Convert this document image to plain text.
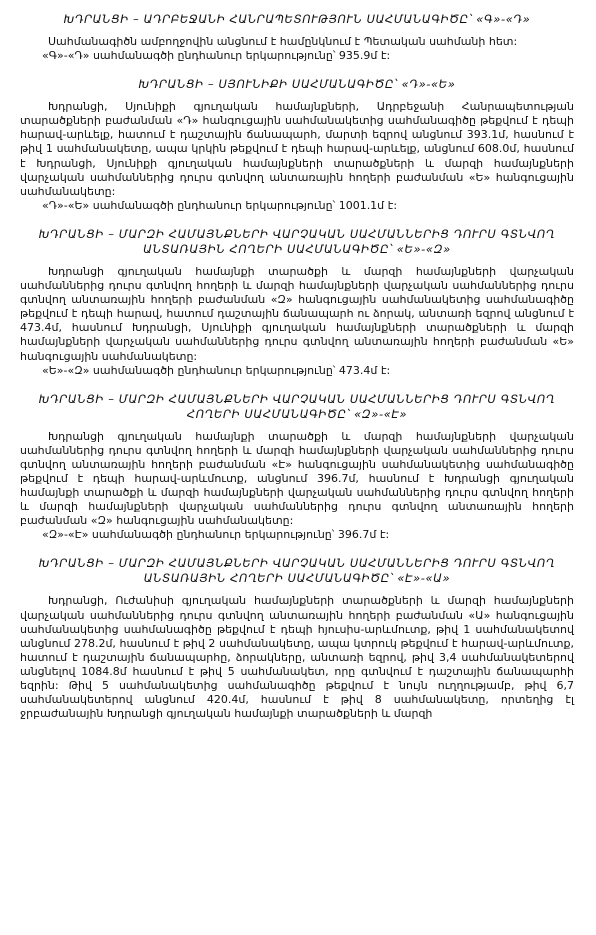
ԽԴՐԱՆՑԻ – ԱԴՐԲԵՋԱՆԻ ՀԱՆՐԱՊԵՏՈՒԹՅՈՒՆ ՍԱՀՄԱՆԱԳԻԾԸ՝ «Գ»-«Դ»

Սահմանագիծն ամբողջովին անցնում է համընկնում է Պետական սահմանի հետ:

«Գ»-«Դ» սահմանագծի ընդհանուր երկարությունը՝ 935.9մ է:

ԽԴՐԱՆՑԻ – ՍՅՈՒՆԻՔԻ ՍԱՀՄԱՆԱԳԻԾԸ՝ «Դ»-«Ե»

Խդրանցի, Սյունիքի գյուղական համայնքների, Ադրբեջանի Հանրապետության տարածքների բաժանման «Դ» հանգուցային սահմանակետից սահմանագիծը թեքվում է դեպի հարավ-արևելք, հատում է դաշտային ճանապարհ, մարտի եզրով անցնում 393.1մ, հասնում է թիվ 1 սահմանակետը, ապա կրկին թեքվում է դեպի հարավ-արևելք, անցնում 608.0մ, հասնում է Խդրանցի, Սյունիքի գյուղական համայնքների տարածքների և մարզի համայնքների վարչական սահմաններից դուրս գտնվող անտառային հողերի բաժանման «Ե» հանգուցային սահմանակետը:

«Դ»-«Ե» սահմանագծի ընդհանուր երկարությունը՝ 1001.1մ է:

ԽԴՐԱՆՑԻ – ՄԱՐԶԻ ՀԱՄԱՅՆՔՆԵՐԻ ՎԱՐՉԱԿԱՆ ՍԱՀՄԱՆՆԵՐԻՑ ԴՈՒՐՍ ԳՏՆՎՈՂ ԱՆՏԱՌԱՅԻՆ ՀՈՂԵՐԻ ՍԱՀՄԱՆԱԳԻԾԸ՝ «Ե»-«Զ»

Խդրանցի գյուղական համայնքի տարածքի և մարզի համայնքների վարչական սահմաններից դուրս գտնվող հողերի և մարզի համայնքների վարչական սահմաններից դուրս գտնվող անտառային հողերի բաժանման «Զ» հանգուցային սահմանակետից սահմանագիծը թեքվում է դեպի հարավ, հատում դաշտային ճանապարհ ու ձորակ, անտառի եզրով անցնում է 473.4մ, հասնում Խդրանցի, Սյունիքի գյուղական համայնքների տարածքների և մարզի համայնքների վարչական սահմաններից դուրս գտնվող անտառային հողերի բաժանման «Ե» հանգուցային սահմանակետը:

«Ե»-«Զ» սահմանագծի ընդհանուր երկարությունը՝ 473.4մ է:

ԽԴՐԱՆՑԻ – ՄԱՐԶԻ ՀԱՄԱՅՆՔՆԵՐԻ ՎԱՐՉԱԿԱՆ ՍԱՀՄԱՆՆԵՐԻՑ ԴՈՒՐՍ ԳՏՆՎՈՂ ՀՈՂԵՐԻ ՍԱՀՄԱՆԱԳԻԾԸ՝ «Զ»-«Է»

Խդրանցի գյուղական համայնքի տարածքի և մարզի համայնքների վարչական սահմաններից դուրս գտնվող հողերի և մարզի համայնքների վարչական սահմաններից դուրս գտնվող անտառային հողերի բաժանման «Է» հանգուցային սահմանակետից սահմանագիծը թեքվում է դեպի հարավ-արևմուտք, անցնում 396.7մ, հասնում է Խդրանցի գյուղական համայնքի տարածքի և մարզի համայնքների վարչական սահմաններից դուրս գտնվող հողերի և մարզի համայնքների վարչական սահմաններից դուրս գտնվող անտառային հողերի բաժանման «Զ» հանգուցային սահմանակետը:

«Զ»-«Է» սահմանագծի ընդհանուր երկարությունը՝ 396.7մ է:

ԽԴՐԱՆՑԻ – ՄԱՐԶԻ ՀԱՄԱՅՆՔՆԵՐԻ ՎԱՐՉԱԿԱՆ ՍԱՀՄԱՆՆԵՐԻՑ ԴՈՒՐՍ ԳՏՆՎՈՂ ԱՆՏԱՌԱՅԻՆ ՀՈՂԵՐԻ ՍԱՀՄԱՆԱԳԻԾԸ՝ «Է»-«Ա»

Խդրանցի, Ուժանիսի գյուղական համայնքների տարածքների և մարզի համայնքների վարչական սահմաններից դուրս գտնվող անտառային հողերի բաժանման «Ա» հանգուցային սահմանակետից սահմանագիծը թեքվում է դեպի հյուսիս-արևմուտք, թիվ 1 սահմանակետով անցնում 278.2մ, հասնում է թիվ 2 սահմանակետը, ապա կտրուկ թեքվում է հարավ-արևմուտք, հատում է դաշտային ճանապարհը, ձորակները, անտառի եզրով, թիվ 3,4 սահմանակետերով անցնելով 1084.8մ հասնում է թիվ 5 սահմանակետ, որը գտնվում է դաշտային ճանապարհի եզրին: Թիվ 5 սահմանակետից սահմանագիծը թեքվում է նույն ուղղությամբ, թիվ 6,7 սահմանակետերով անցնում 420.4մ, հասնում է թիվ 8 սահմանակետը, որտեղից էլ ջրբաժանային Խդրանցի գյուղական համայնքի տարածքների և մարզի
